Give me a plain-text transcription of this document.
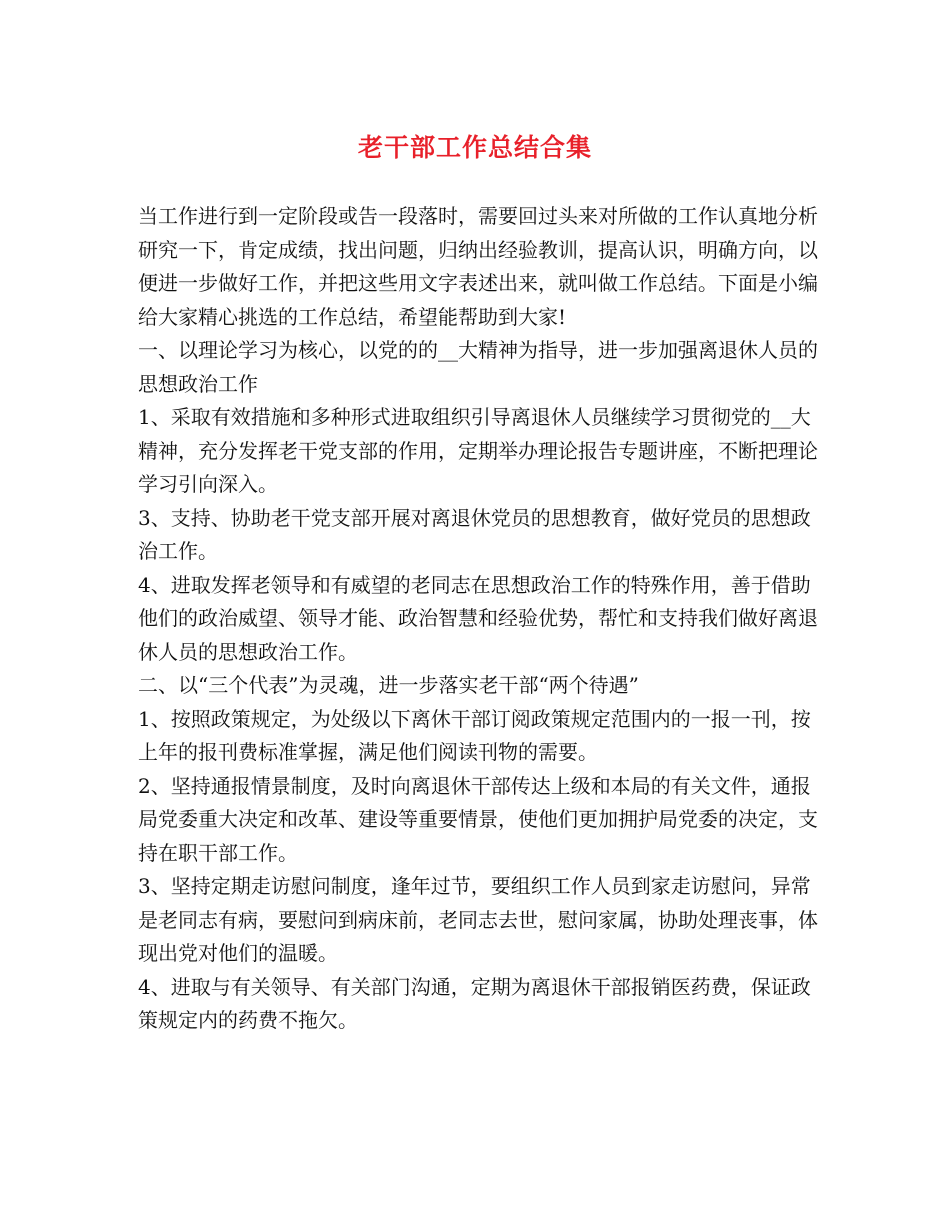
老干部工作总结合集

当工作进行到一定阶段或告一段落时，需要回过头来对所做的工作认真地分析研究一下，肯定成绩，找出问题，归纳出经验教训，提高认识，明确方向，以便进一步做好工作，并把这些用文字表述出来，就叫做工作总结。下面是小编给大家精心挑选的工作总结，希望能帮助到大家!

一、以理论学习为核心，以党的的__大精神为指导，进一步加强离退休人员的思想政治工作

1、采取有效措施和多种形式进取组织引导离退休人员继续学习贯彻党的__大精神，充分发挥老干党支部的作用，定期举办理论报告专题讲座，不断把理论学习引向深入。

3、支持、协助老干党支部开展对离退休党员的思想教育，做好党员的思想政治工作。

4、进取发挥老领导和有威望的老同志在思想政治工作的特殊作用，善于借助他们的政治威望、领导才能、政治智慧和经验优势，帮忙和支持我们做好离退休人员的思想政治工作。

二、以“三个代表”为灵魂，进一步落实老干部“两个待遇”

1、按照政策规定，为处级以下离休干部订阅政策规定范围内的一报一刊，按上年的报刊费标准掌握，满足他们阅读刊物的需要。

2、坚持通报情景制度，及时向离退休干部传达上级和本局的有关文件，通报局党委重大决定和改革、建设等重要情景，使他们更加拥护局党委的决定，支持在职干部工作。

3、坚持定期走访慰问制度，逢年过节，要组织工作人员到家走访慰问，异常是老同志有病，要慰问到病床前，老同志去世，慰问家属，协助处理丧事，体现出党对他们的温暖。

4、进取与有关领导、有关部门沟通，定期为离退休干部报销医药费，保证政策规定内的药费不拖欠。
